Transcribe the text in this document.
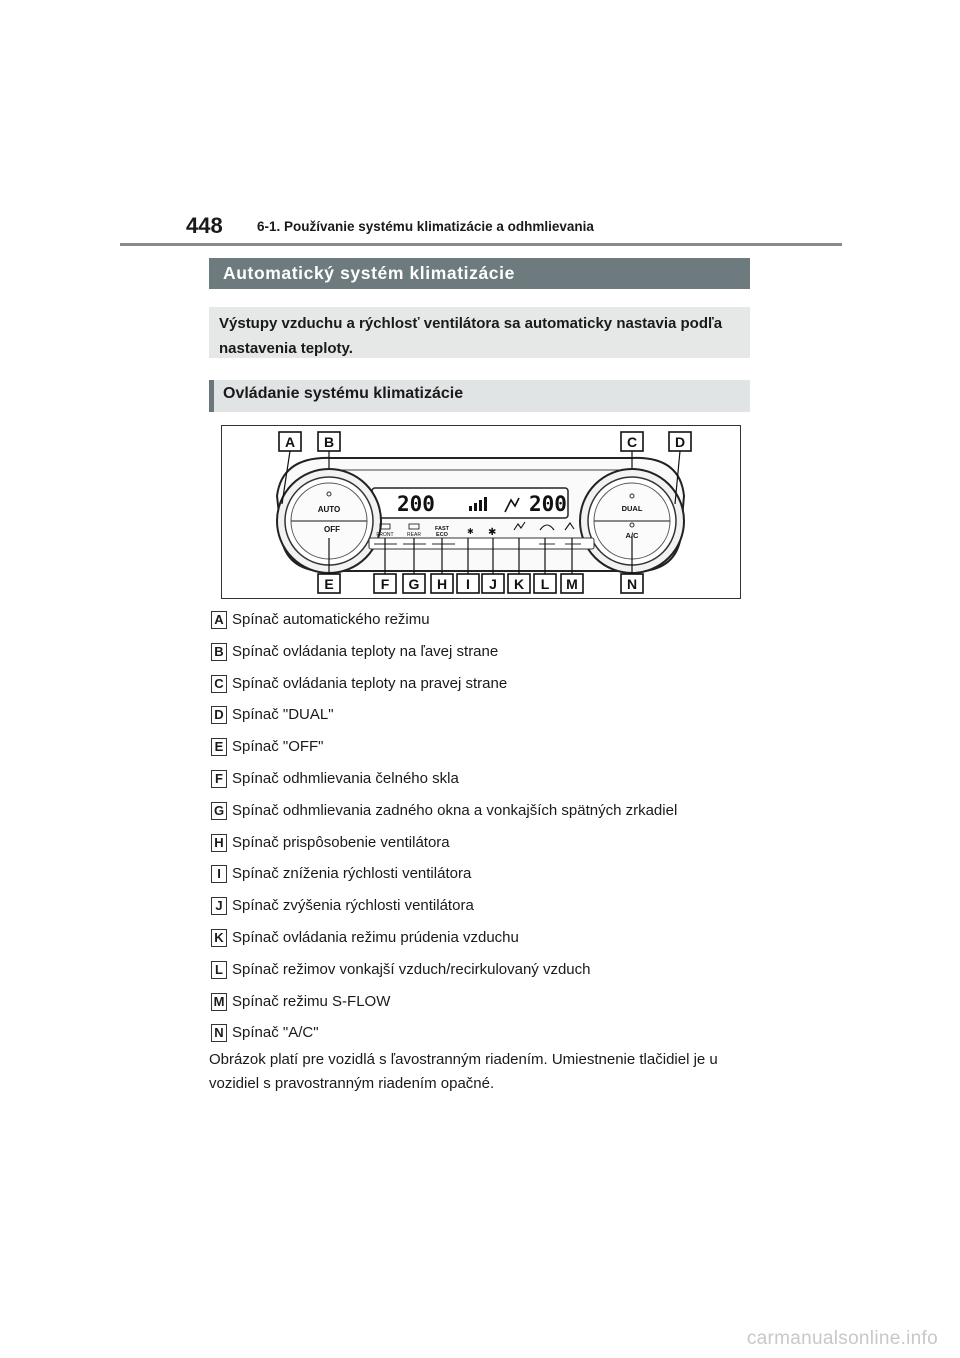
448	6-1. Používanie systému klimatizácie a odhmlievania
Automatický systém klimatizácie
Výstupy vzduchu a rýchlosť ventilátora sa automaticky nastavia podľa nastavenia teploty.
Ovládanie systému klimatizácie
200	200
AUTO
OFF
DUAL
A/C
FRONT	REAR
FAST
ECO ✱ ✱
A B	C	D
E	F G H I J K L M	N
A Spínač automatického režimu
B Spínač ovládania teploty na ľavej strane
C Spínač ovládania teploty na pravej strane
D Spínač "DUAL"
E Spínač "OFF"
F Spínač odhmlievania čelného skla
G Spínač odhmlievania zadného okna a vonkajších spätných zrkadiel
H Spínač prispôsobenie ventilátora
I Spínač zníženia rýchlosti ventilátora
J Spínač zvýšenia rýchlosti ventilátora
K Spínač ovládania režimu prúdenia vzduchu
L Spínač režimov vonkajší vzduch/recirkulovaný vzduch
M Spínač režimu S-FLOW
N Spínač "A/C"
Obrázok platí pre vozidlá s ľavostranným riadením. Umiestnenie tlačidiel je u vozidiel s pravostranným riadením opačné.
carmanualsonline.info
